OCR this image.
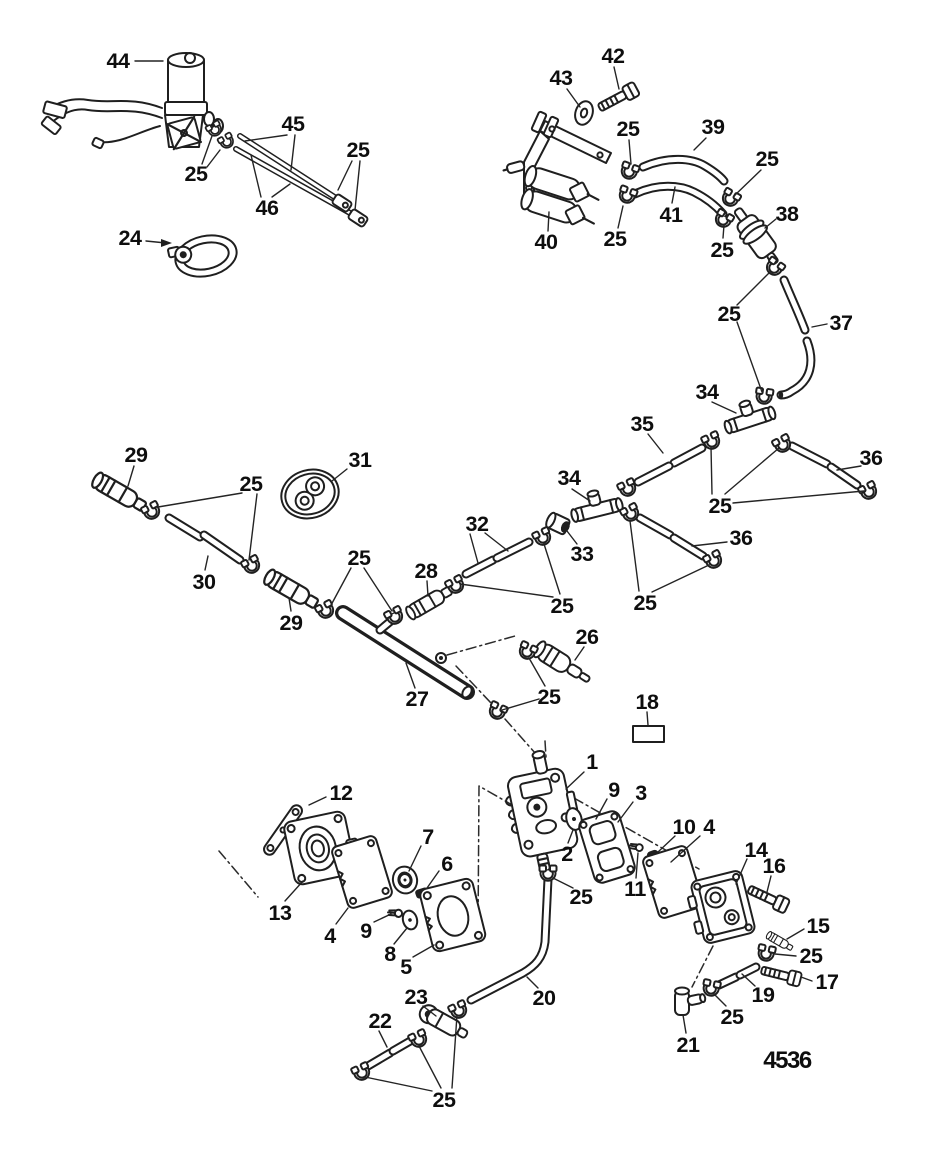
44
45
25
25
46
24
42
43
25	39
25
40 25
41
25
38
25	37
34
35
36
25
34
33
36
25
29	31
25
30
29
28
25
25
32
26
25
27	18
1
9 3
2
10 4
11
25
12
13
4
7
6
9
8
5
14
16
15
25
17
19
25
21
23
22
20
25
4536
